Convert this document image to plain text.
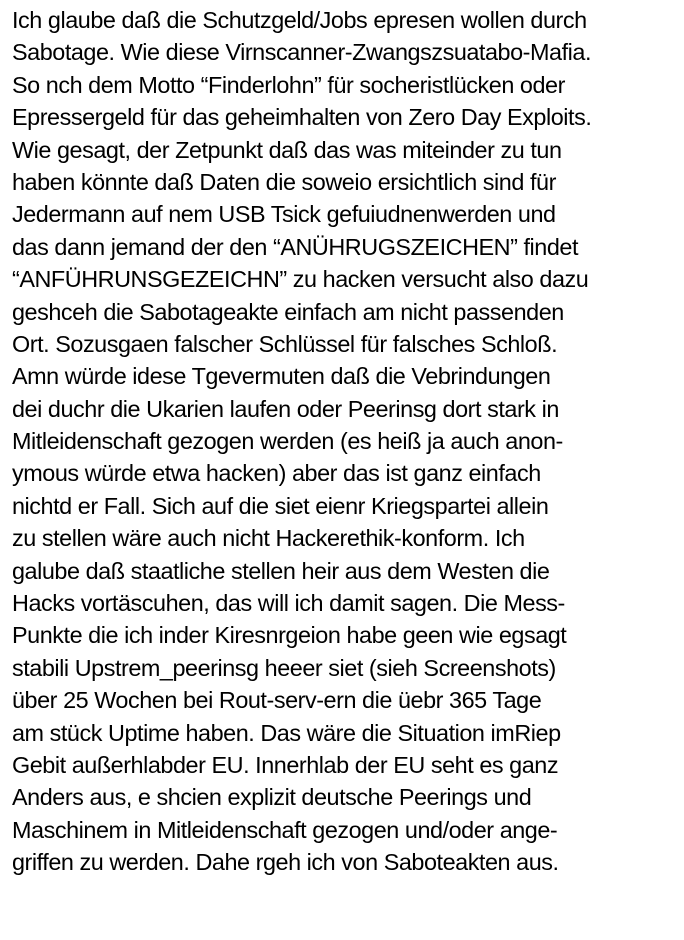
Ich glaube daß die Schutzgeld/Jobs epresen wollen durch
Sabotage. Wie diese Virnscanner-Zwangszsuatabo-Mafia.
So nch dem Motto “Finderlohn” für socheristlücken oder
Epressergeld für das geheimhalten von Zero Day Exploits.
Wie gesagt, der Zetpunkt daß das was miteinder zu tun
haben könnte daß Daten die soweio ersichtlich sind für
Jedermann auf nem USB Tsick gefuiudnenwerden und
das dann jemand der den “ANÜHRUGSZEICHEN” findet
“ANFÜHRUNSGEZEICHN” zu hacken versucht also dazu
geshceh die Sabotageakte einfach am nicht passenden
Ort. Sozusgaen falscher Schlüssel für falsches Schloß.
Amn würde idese Tgevermuten daß die Vebrindungen
dei duchr die Ukarien laufen oder Peerinsg dort stark in
Mitleidenschaft gezogen werden (es heiß ja auch anon-
ymous würde etwa hacken) aber das ist ganz einfach
nichtd er Fall. Sich auf die siet eienr Kriegspartei allein
zu stellen wäre auch nicht Hackerethik-konform. Ich
galube daß staatliche stellen heir aus dem Westen die
Hacks vortäscuhen, das will ich damit sagen. Die Mess-
Punkte die ich inder Kiresnrgeion habe geen wie egsagt
stabili Upstrem_peerinsg heeer siet (sieh Screenshots)
über 25 Wochen bei Rout-serv-ern die üebr 365 Tage
am stück Uptime haben. Das wäre die Situation imRiep
Gebit außerhlabder EU. Innerhlab der EU seht es ganz
Anders aus, e shcien explizit deutsche Peerings und
Maschinem in Mitleidenschaft gezogen und/oder ange-
griffen zu werden. Dahe rgeh ich von Saboteakten aus.
